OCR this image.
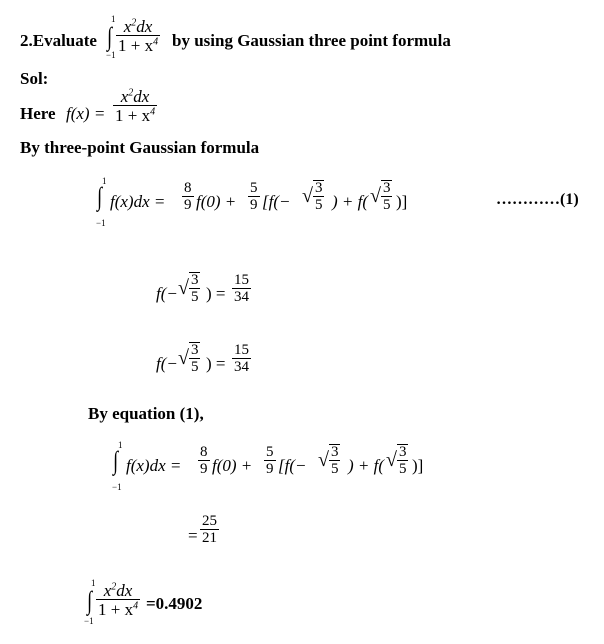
2.Evaluate
1
∫
−1
$\frac{x^2dx}{1 + x^4}$ by using Gaussian three point formula
Sol:
Here $f(x) = \frac{x^2dx}{1 + x^4}$
By three-point Gaussian formula
1
∫
−1
$f(x)dx = \frac{8}{9} f(0) + \frac{5}{9} [f(-$ √ $\frac{3}{5}$ ) + f( √ $\frac{3}{5}$ )]	…………(1)
f(− √ $\frac{3}{5}$ ) = $\frac{15}{34}$
f(− √ $\frac{3}{5}$ ) = $\frac{15}{34}$
By equation (1),
1
∫
−1
$f(x)dx = \frac{8}{9} f(0) + \frac{5}{9} [f(-$ √ $\frac{3}{5}$ ) + f( √ $\frac{3}{5}$ )]
= $\frac{25}{21}$
1
∫
−1
$\frac{x^2dx}{1 + x^4} =0.4902$
